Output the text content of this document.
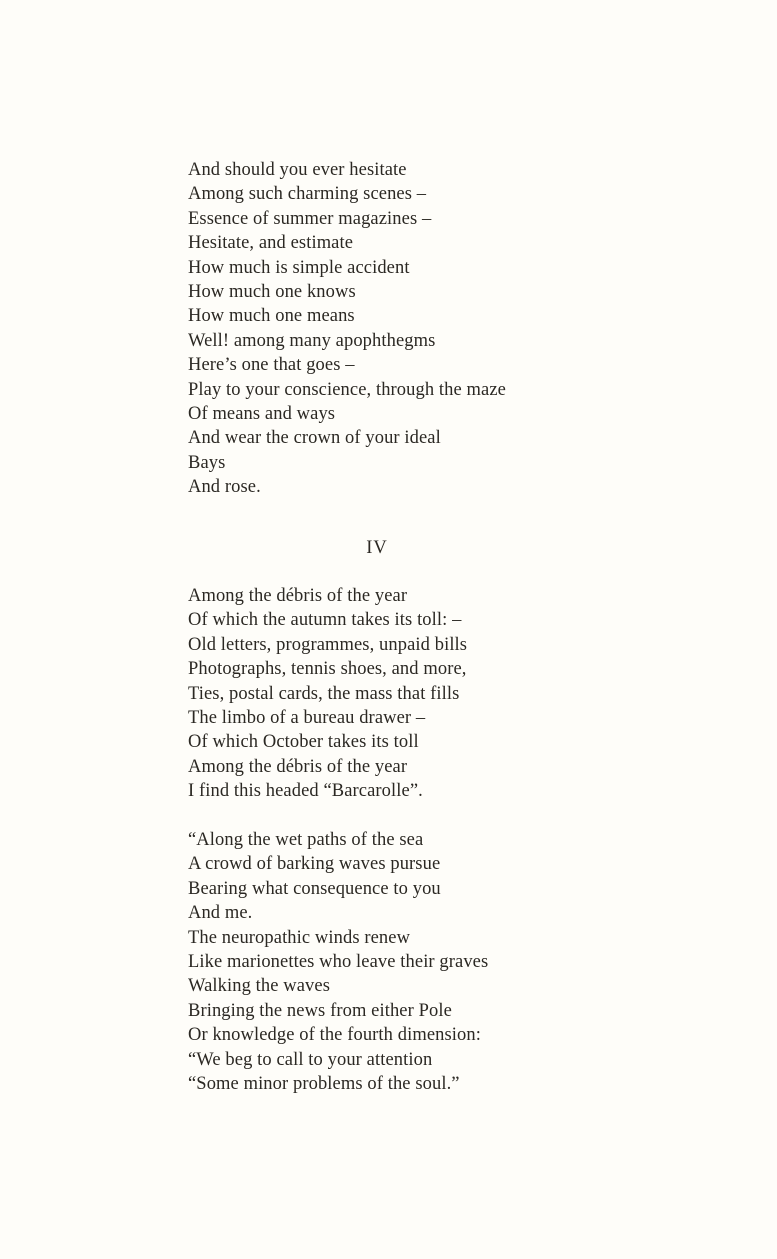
And should you ever hesitate
Among such charming scenes –
Essence of summer magazines –
Hesitate, and estimate
How much is simple accident
How much one knows
How much one means
Well! among many apophthegms
Here’s one that goes –
Play to your conscience, through the maze
Of means and ways
And wear the crown of your ideal
Bays
And rose.
IV
Among the débris of the year
Of which the autumn takes its toll: –
Old letters, programmes, unpaid bills
Photographs, tennis shoes, and more,
Ties, postal cards, the mass that fills
The limbo of a bureau drawer –
Of which October takes its toll
Among the débris of the year
I find this headed “Barcarolle”.
“Along the wet paths of the sea
A crowd of barking waves pursue
Bearing what consequence to you
And me.
The neuropathic winds renew
Like marionettes who leave their graves
Walking the waves
Bringing the news from either Pole
Or knowledge of the fourth dimension:
“We beg to call to your attention
“Some minor problems of the soul.”
